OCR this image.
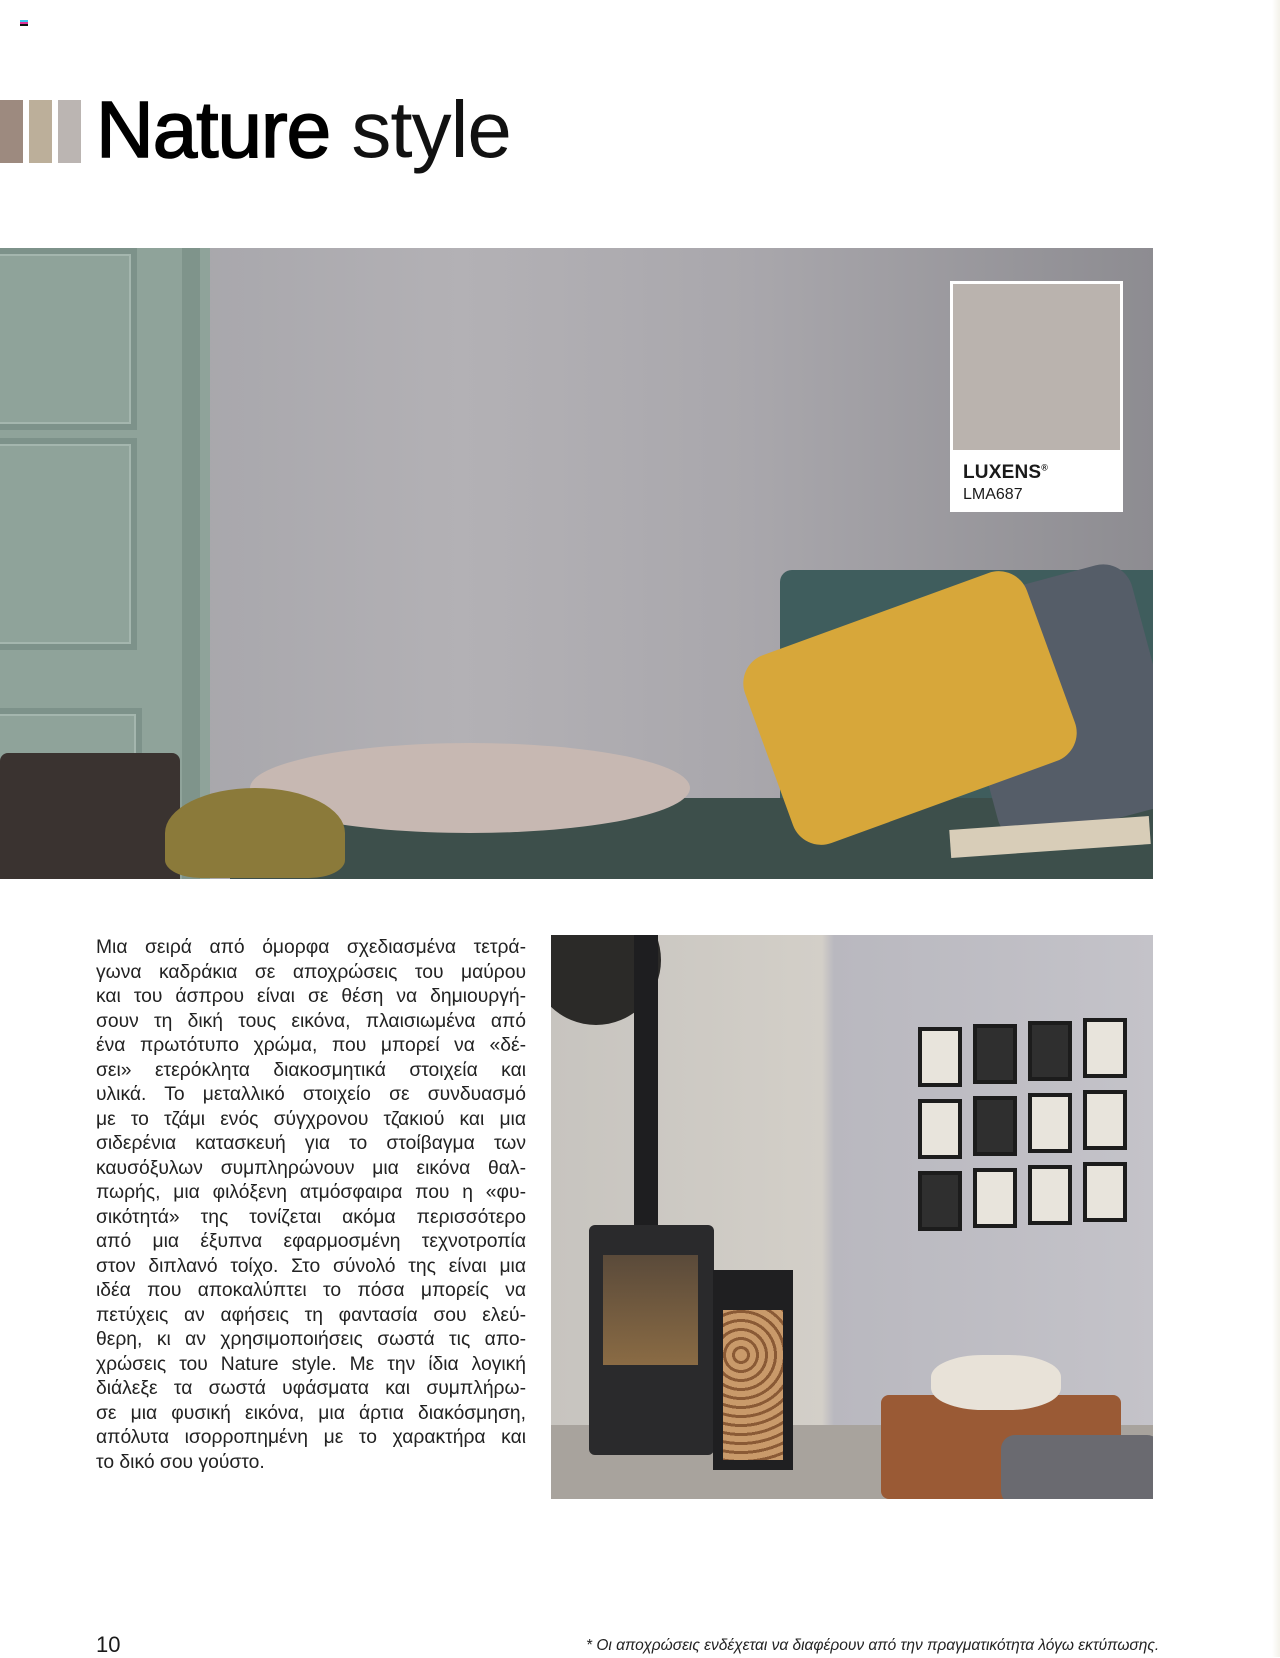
Nature style
LUXENS®
LMA687
Μια σειρά από όμορφα σχεδιασμένα τετρά-
γωνα καδράκια σε αποχρώσεις του μαύρου
και του άσπρου είναι σε θέση να δημιουργή-
σουν τη δική τους εικόνα, πλαισιωμένα από
ένα πρωτότυπο χρώμα, που μπορεί να «δέ-
σει» ετερόκλητα διακοσμητικά στοιχεία και
υλικά. Το μεταλλικό στοιχείο σε συνδυασμό
με το τζάμι ενός σύγχρονου τζακιού και μια
σιδερένια κατασκευή για το στοίβαγμα των
καυσόξυλων συμπληρώνουν μια εικόνα θαλ-
πωρής, μια φιλόξενη ατμόσφαιρα που η «φυ-
σικότητά» της τονίζεται ακόμα περισσότερο
από μια έξυπνα εφαρμοσμένη τεχνοτροπία
στον διπλανό τοίχο. Στο σύνολό της είναι μια
ιδέα που αποκαλύπτει το πόσα μπορείς να
πετύχεις αν αφήσεις τη φαντασία σου ελεύ-
θερη, κι αν χρησιμοποιήσεις σωστά τις απο-
χρώσεις του Nature style. Με την ίδια λογική
διάλεξε τα σωστά υφάσματα και συμπλήρω-
σε μια φυσική εικόνα, μια άρτια διακόσμηση,
απόλυτα ισορροπημένη με το χαρακτήρα και
το δικό σου γούστο.
10	* Οι αποχρώσεις ενδέχεται να διαφέρουν από την πραγματικότητα λόγω εκτύπωσης.
